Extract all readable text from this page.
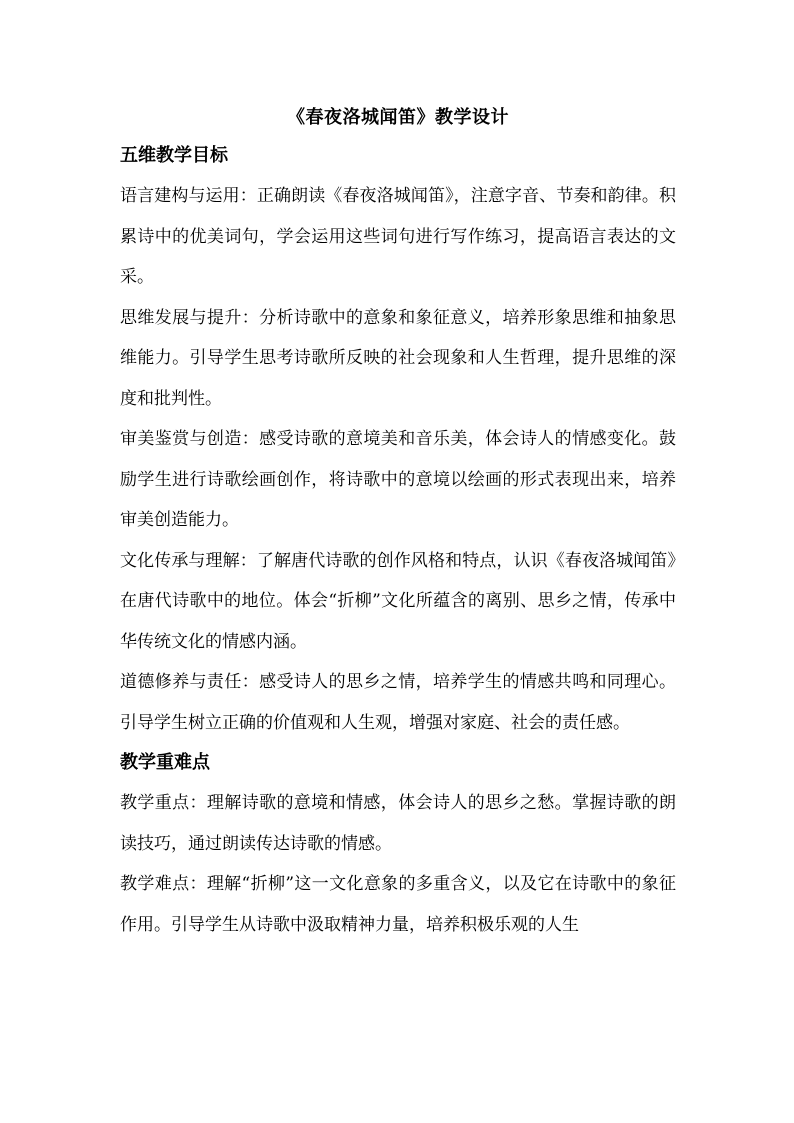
《春夜洛城闻笛》教学设计
五维教学目标

语言建构与运用：正确朗读《春夜洛城闻笛》，注意字音、节奏和韵律。积累诗中的优美词句，学会运用这些词句进行写作练习，提高语言表达的文采。

思维发展与提升：分析诗歌中的意象和象征意义，培养形象思维和抽象思维能力。引导学生思考诗歌所反映的社会现象和人生哲理，提升思维的深度和批判性。

审美鉴赏与创造：感受诗歌的意境美和音乐美，体会诗人的情感变化。鼓励学生进行诗歌绘画创作，将诗歌中的意境以绘画的形式表现出来，培养审美创造能力。

文化传承与理解：了解唐代诗歌的创作风格和特点，认识《春夜洛城闻笛》在唐代诗歌中的地位。体会“折柳”文化所蕴含的离别、思乡之情，传承中华传统文化的情感内涵。

道德修养与责任：感受诗人的思乡之情，培养学生的情感共鸣和同理心。引导学生树立正确的价值观和人生观，增强对家庭、社会的责任感。

教学重难点

教学重点：理解诗歌的意境和情感，体会诗人的思乡之愁。掌握诗歌的朗读技巧，通过朗读传达诗歌的情感。

教学难点：理解“折柳”这一文化意象的多重含义，以及它在诗歌中的象征作用。引导学生从诗歌中汲取精神力量，培养积极乐观的人生
